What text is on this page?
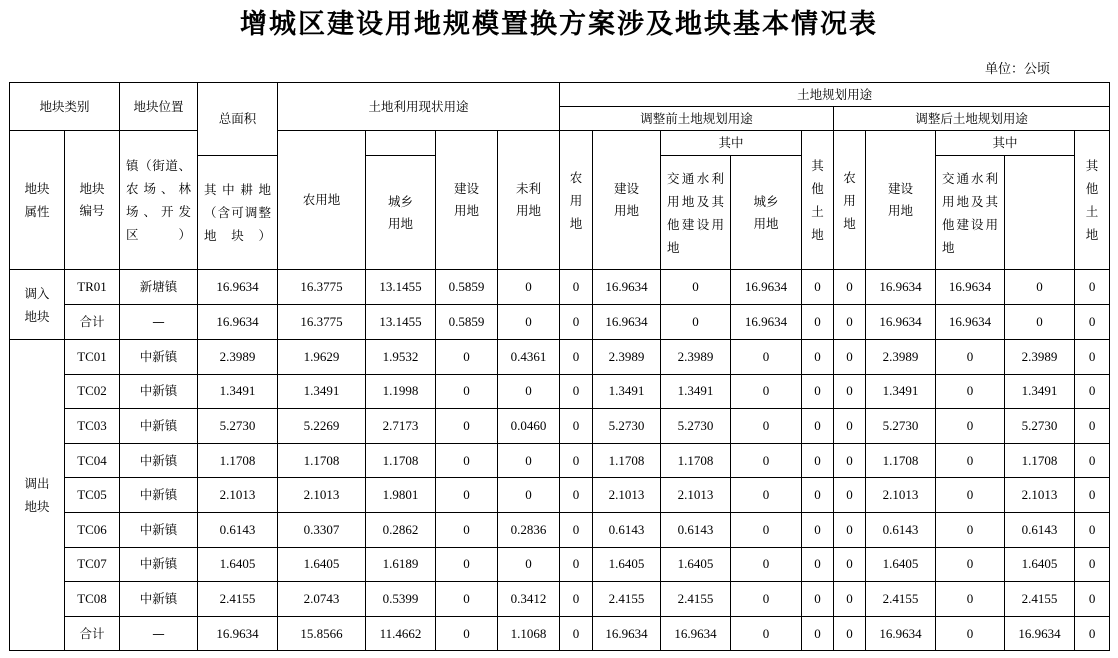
增城区建设用地规模置换方案涉及地块基本情况表
单位：公顷
地块类别		地块位置	总面积	土地利用现状用途				土地规划用途									
								调整前土地规划用途					调整后土地规划用途				
地块属性	地块编号	镇（街道、农场、林场、开发区）		农用地		建设用地	未利用地	农用地	建设用地	其中		其他土地	农用地	建设用地	其中		其他土地

			其中耕地（含可调整地块）		城乡用地					交通水利用地及其他建设用地	城乡用地				交通水利用地及其他建设用地		

调入地块	TR01	新塘镇	16.9634	16.3775	13.1455	0.5859	0	0	16.9634	0	16.9634	0	0	16.9634	16.9634	0	0
	合计	—	16.9634	16.3775	13.1455	0.5859	0	0	16.9634	0	16.9634	0	0	16.9634	16.9634	0	0
调出地块	TC01	中新镇	2.3989	1.9629	1.9532	0	0.4361	0	2.3989	2.3989	0	0	0	2.3989	0	2.3989	0
	TC02	中新镇	1.3491	1.3491	1.1998	0	0	0	1.3491	1.3491	0	0	0	1.3491	0	1.3491	0
	TC03	中新镇	5.2730	5.2269	2.7173	0	0.0460	0	5.2730	5.2730	0	0	0	5.2730	0	5.2730	0
	TC04	中新镇	1.1708	1.1708	1.1708	0	0	0	1.1708	1.1708	0	0	0	1.1708	0	1.1708	0
	TC05	中新镇	2.1013	2.1013	1.9801	0	0	0	2.1013	2.1013	0	0	0	2.1013	0	2.1013	0
	TC06	中新镇	0.6143	0.3307	0.2862	0	0.2836	0	0.6143	0.6143	0	0	0	0.6143	0	0.6143	0
	TC07	中新镇	1.6405	1.6405	1.6189	0	0	0	1.6405	1.6405	0	0	0	1.6405	0	1.6405	0
	TC08	中新镇	2.4155	2.0743	0.5399	0	0.3412	0	2.4155	2.4155	0	0	0	2.4155	0	2.4155	0
	合计	—	16.9634	15.8566	11.4662	0	1.1068	0	16.9634	16.9634	0	0	0	16.9634	0	16.9634	0
